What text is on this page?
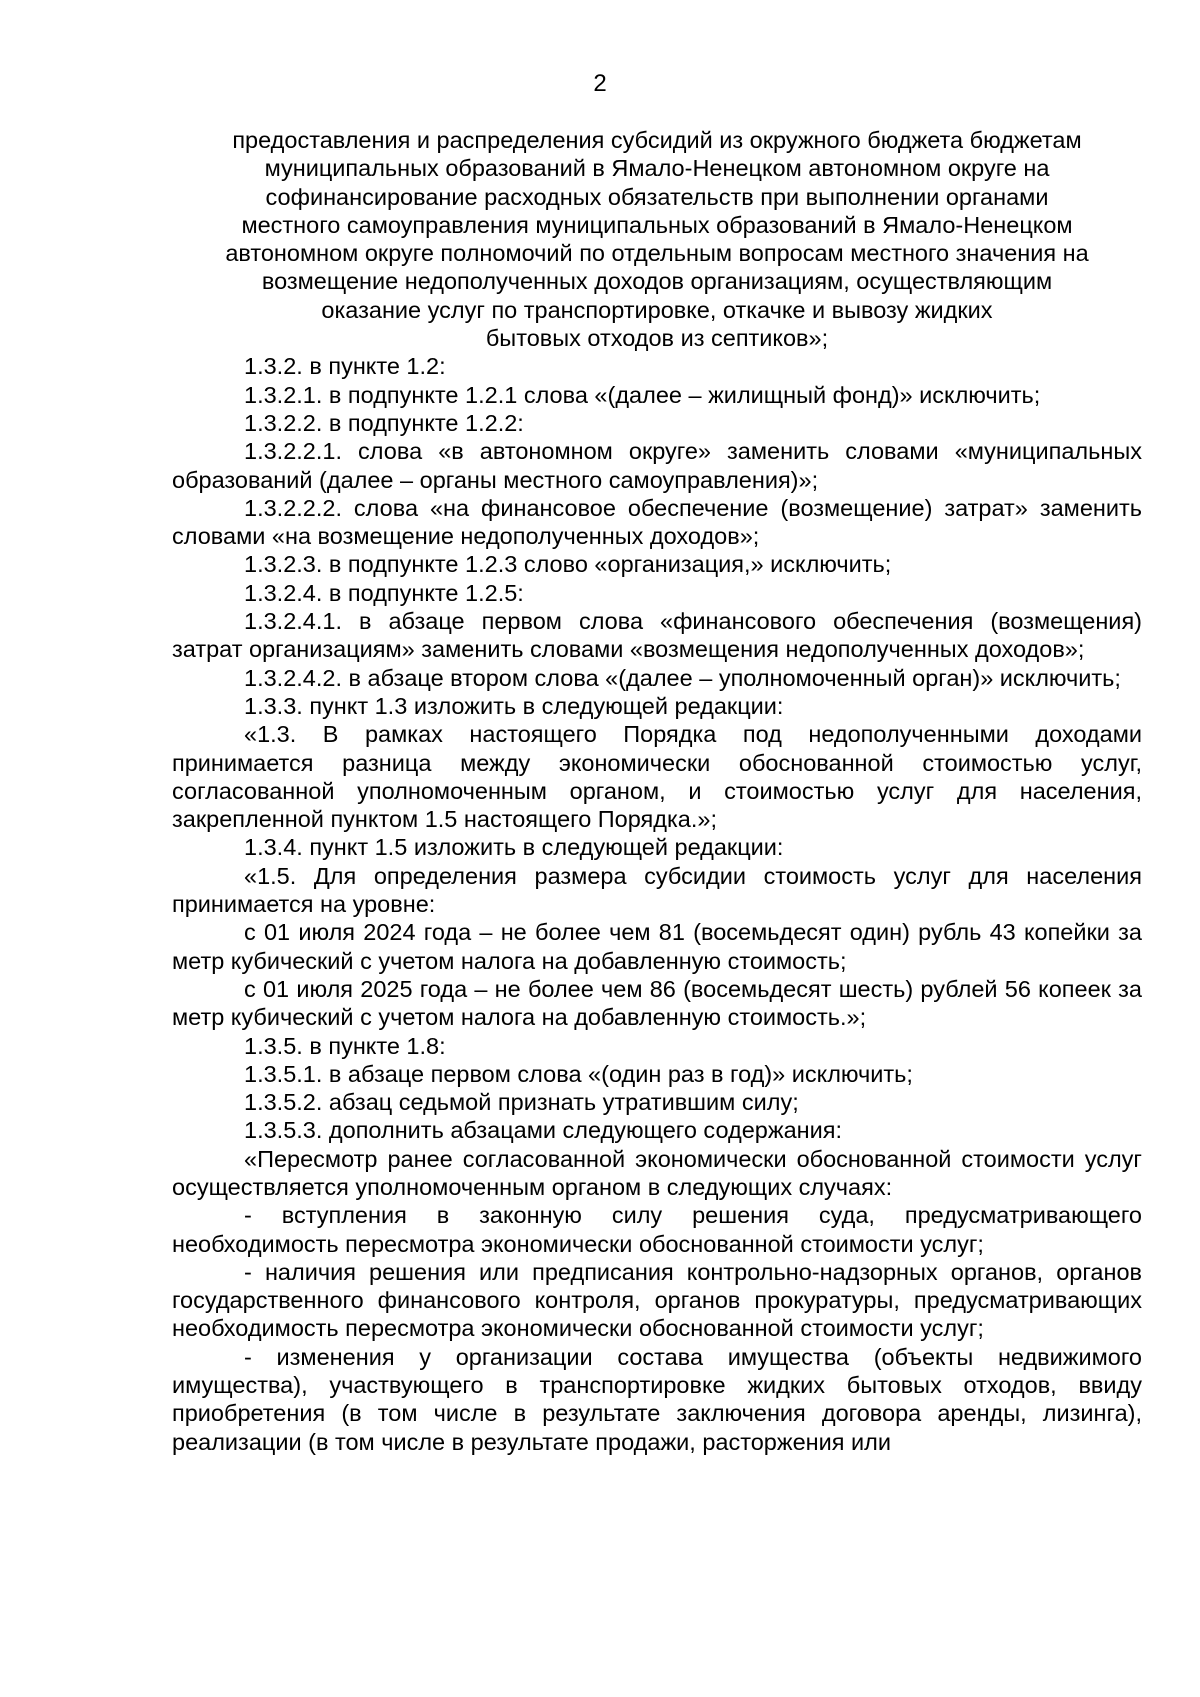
2
предоставления и распределения субсидий из окружного бюджета бюджетам
муниципальных образований в Ямало-Ненецком автономном округе на
софинансирование расходных обязательств при выполнении органами
местного самоуправления муниципальных образований в Ямало-Ненецком
автономном округе полномочий по отдельным вопросам местного значения на
возмещение недополученных доходов организациям, осуществляющим
оказание услуг по транспортировке, откачке и вывозу жидких
бытовых отходов из септиков»;

1.3.2. в пункте 1.2:

1.3.2.1. в подпункте 1.2.1 слова «(далее – жилищный фонд)» исключить;

1.3.2.2. в подпункте 1.2.2:

1.3.2.2.1. слова «в автономном округе» заменить словами «муниципальных образований (далее – органы местного самоуправления)»;

1.3.2.2.2. слова «на финансовое обеспечение (возмещение) затрат» заменить словами «на возмещение недополученных доходов»;

1.3.2.3. в подпункте 1.2.3 слово «организация,» исключить;

1.3.2.4. в подпункте 1.2.5:

1.3.2.4.1. в абзаце первом слова «финансового обеспечения (возмещения) затрат организациям» заменить словами «возмещения недополученных доходов»;

1.3.2.4.2. в абзаце втором слова «(далее – уполномоченный орган)» исключить;

1.3.3. пункт 1.3 изложить в следующей редакции:

«1.3. В рамках настоящего Порядка под недополученными доходами принимается разница между экономически обоснованной стоимостью услуг, согласованной уполномоченным органом, и стоимостью услуг для населения, закрепленной пунктом 1.5 настоящего Порядка.»;

1.3.4. пункт 1.5 изложить в следующей редакции:

«1.5. Для определения размера субсидии стоимость услуг для населения принимается на уровне:

с 01 июля 2024 года – не более чем 81 (восемьдесят один) рубль 43 копейки за метр кубический с учетом налога на добавленную стоимость;

с 01 июля 2025 года – не более чем 86 (восемьдесят шесть) рублей 56 копеек за метр кубический с учетом налога на добавленную стоимость.»;

1.3.5. в пункте 1.8:

1.3.5.1. в абзаце первом слова «(один раз в год)» исключить;

1.3.5.2. абзац седьмой признать утратившим силу;

1.3.5.3. дополнить абзацами следующего содержания:

«Пересмотр ранее согласованной экономически обоснованной стоимости услуг осуществляется уполномоченным органом в следующих случаях:

- вступления в законную силу решения суда, предусматривающего необходимость пересмотра экономически обоснованной стоимости услуг;

- наличия решения или предписания контрольно-надзорных органов, органов государственного финансового контроля, органов прокуратуры, предусматривающих необходимость пересмотра экономически обоснованной стоимости услуг;

- изменения у организации состава имущества (объекты недвижимого имущества), участвующего в транспортировке жидких бытовых отходов, ввиду приобретения (в том числе в результате заключения договора аренды, лизинга), реализации (в том числе в результате продажи, расторжения или
